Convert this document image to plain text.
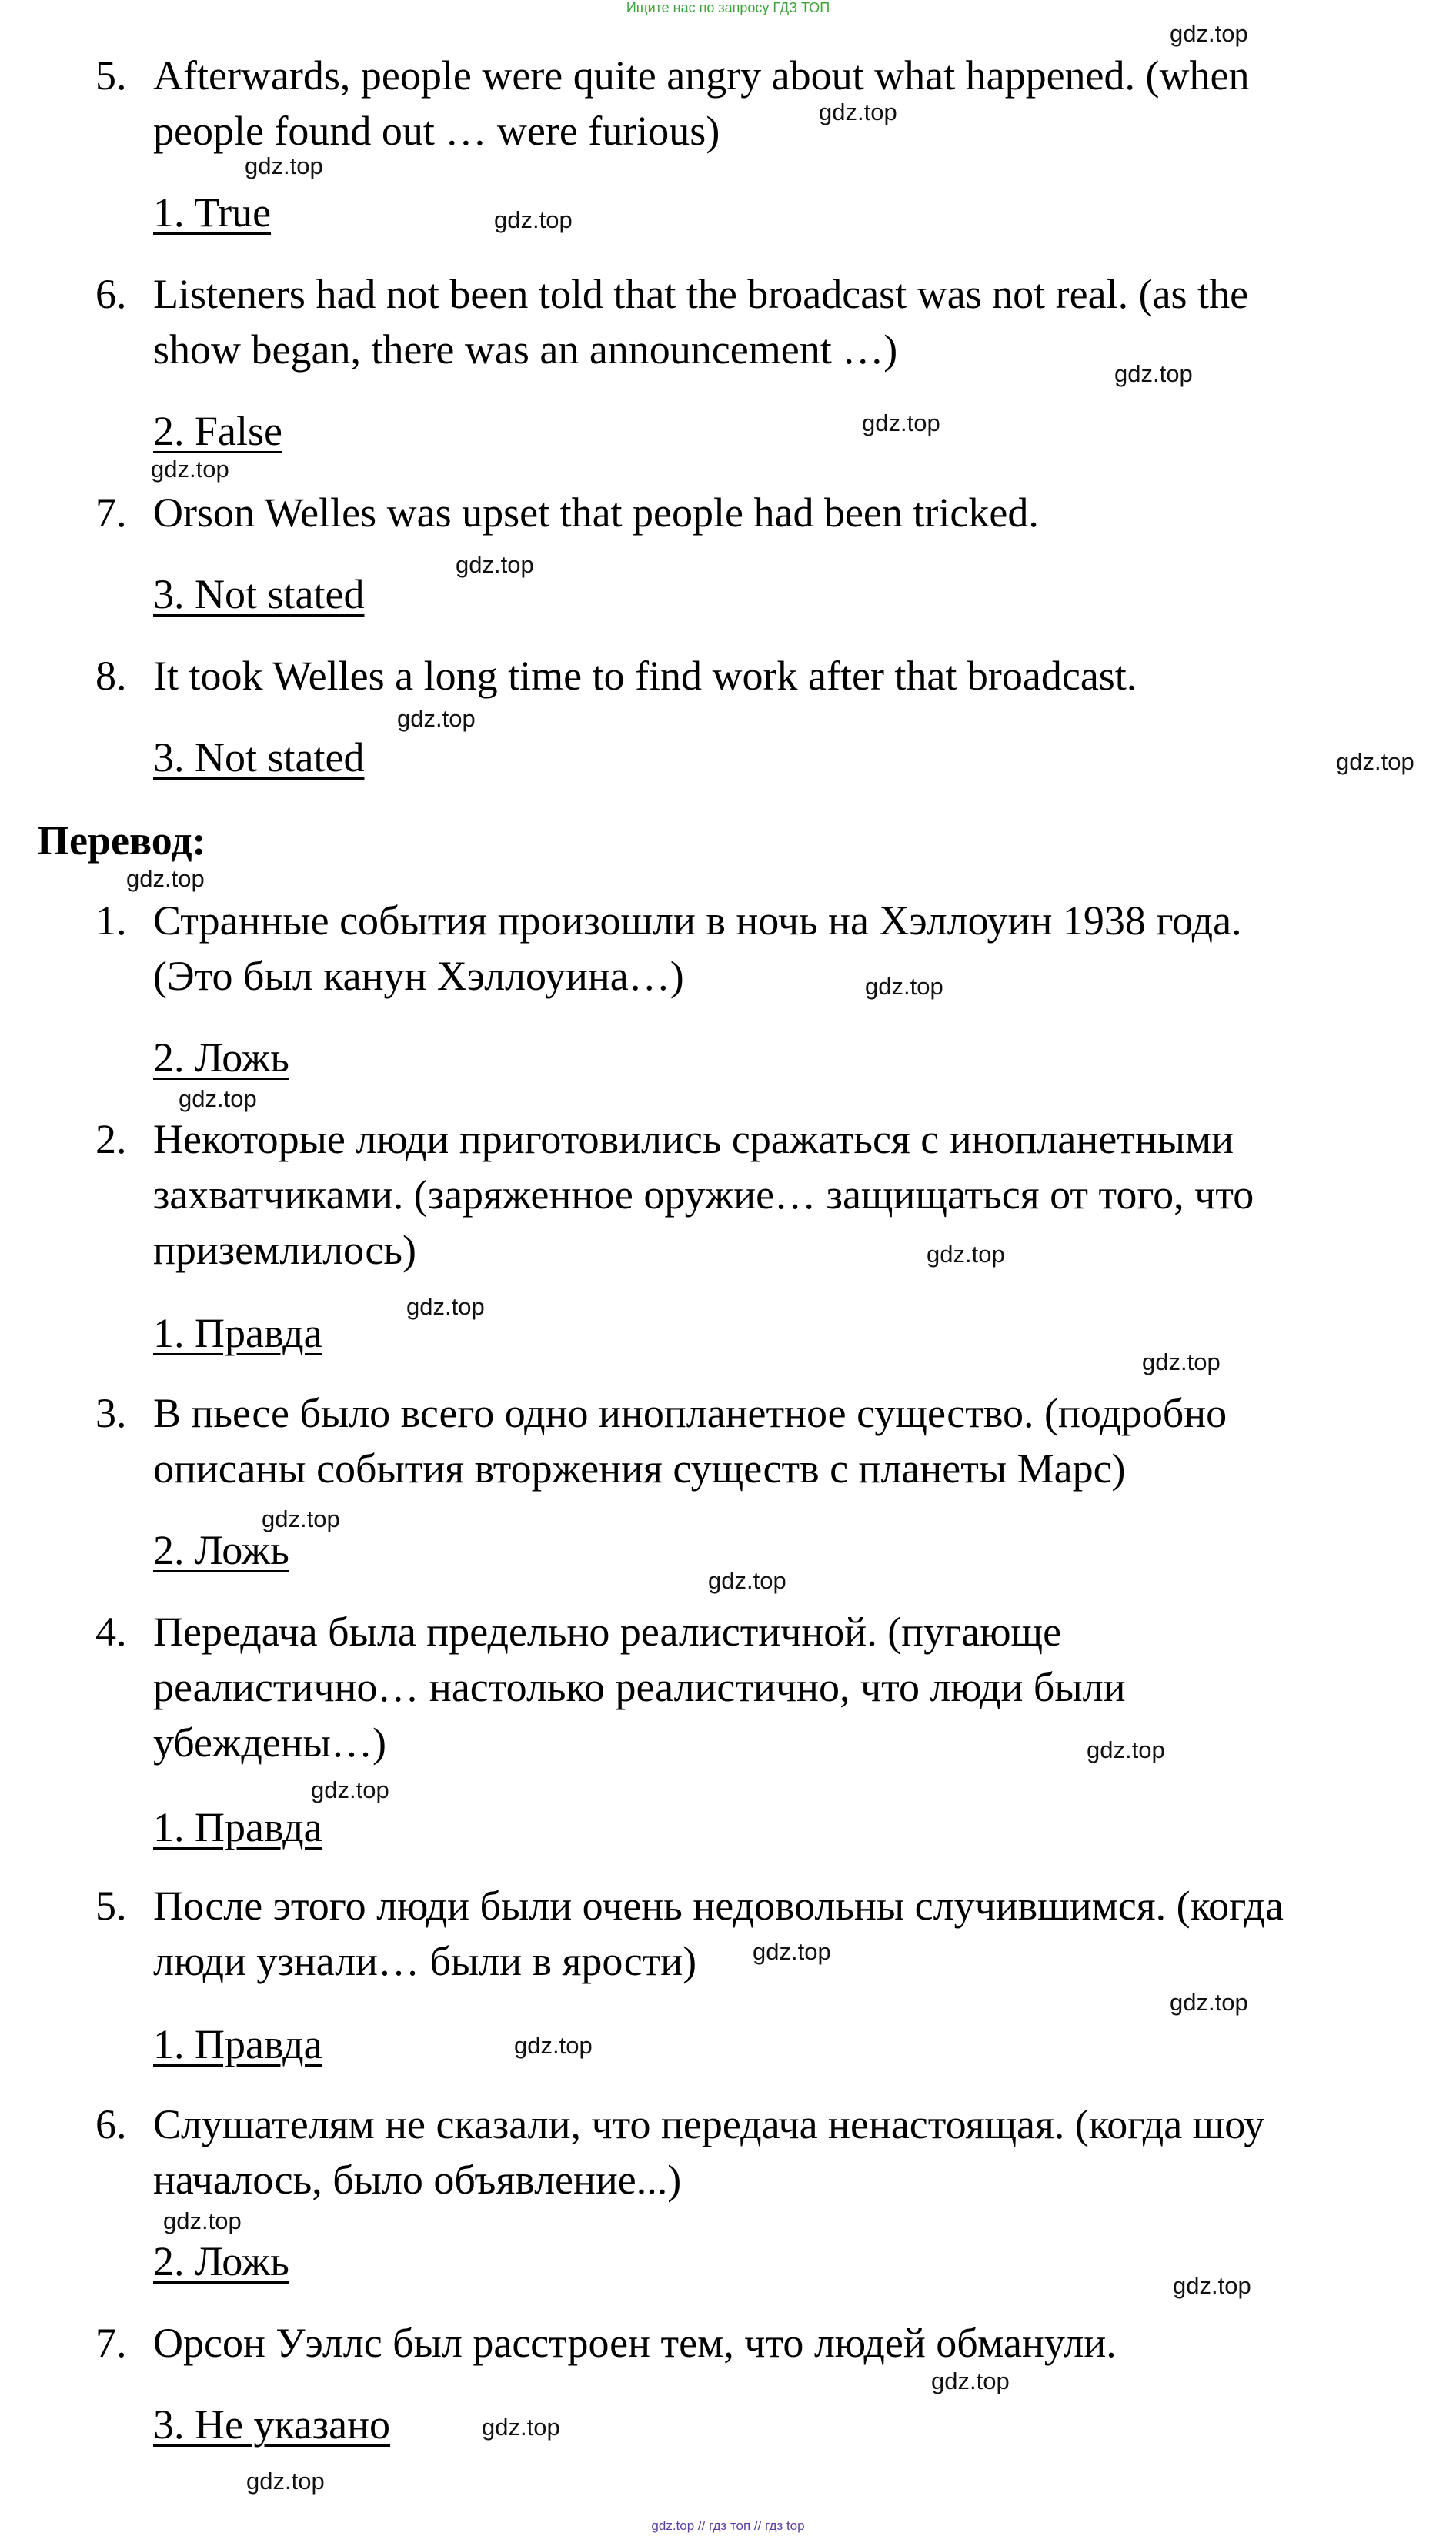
Ищите нас по запросу ГДЗ ТОП
5. Afterwards, people were quite angry about what happened. (when
people found out … were furious)
1. True
6. Listeners had not been told that the broadcast was not real. (as the
show began, there was an announcement …)
2. False
7. Orson Welles was upset that people had been tricked.
3. Not stated
8. It took Welles a long time to find work after that broadcast.
3. Not stated
Перевод:
1. Странные события произошли в ночь на Хэллоуин 1938 года.
(Это был канун Хэллоуина…)
2. Ложь
2. Некоторые люди приготовились сражаться с инопланетными
захватчиками. (заряженное оружие… защищаться от того, что
приземлилось)
1. Правда
3. В пьесе было всего одно инопланетное существо. (подробно
описаны события вторжения существ с планеты Марс)
2. Ложь
4. Передача была предельно реалистичной. (пугающе
реалистично… настолько реалистично, что люди были
убеждены…)
1. Правда
5. После этого люди были очень недовольны случившимся. (когда
люди узнали… были в ярости)
1. Правда
6. Слушателям не сказали, что передача ненастоящая. (когда шоу
началось, было объявление...)
2. Ложь
7. Орсон Уэллс был расстроен тем, что людей обманули.
3. Не указано
gdz.top
gdz.top
gdz.top
gdz.top
gdz.top
gdz.top
gdz.top
gdz.top
gdz.top
gdz.top
gdz.top
gdz.top
gdz.top
gdz.top
gdz.top
gdz.top
gdz.top
gdz.top
gdz.top
gdz.top
gdz.top
gdz.top
gdz.top
gdz.top
gdz.top
gdz.top
gdz.top
gdz.top
gdz.top // гдз топ // гдз top
